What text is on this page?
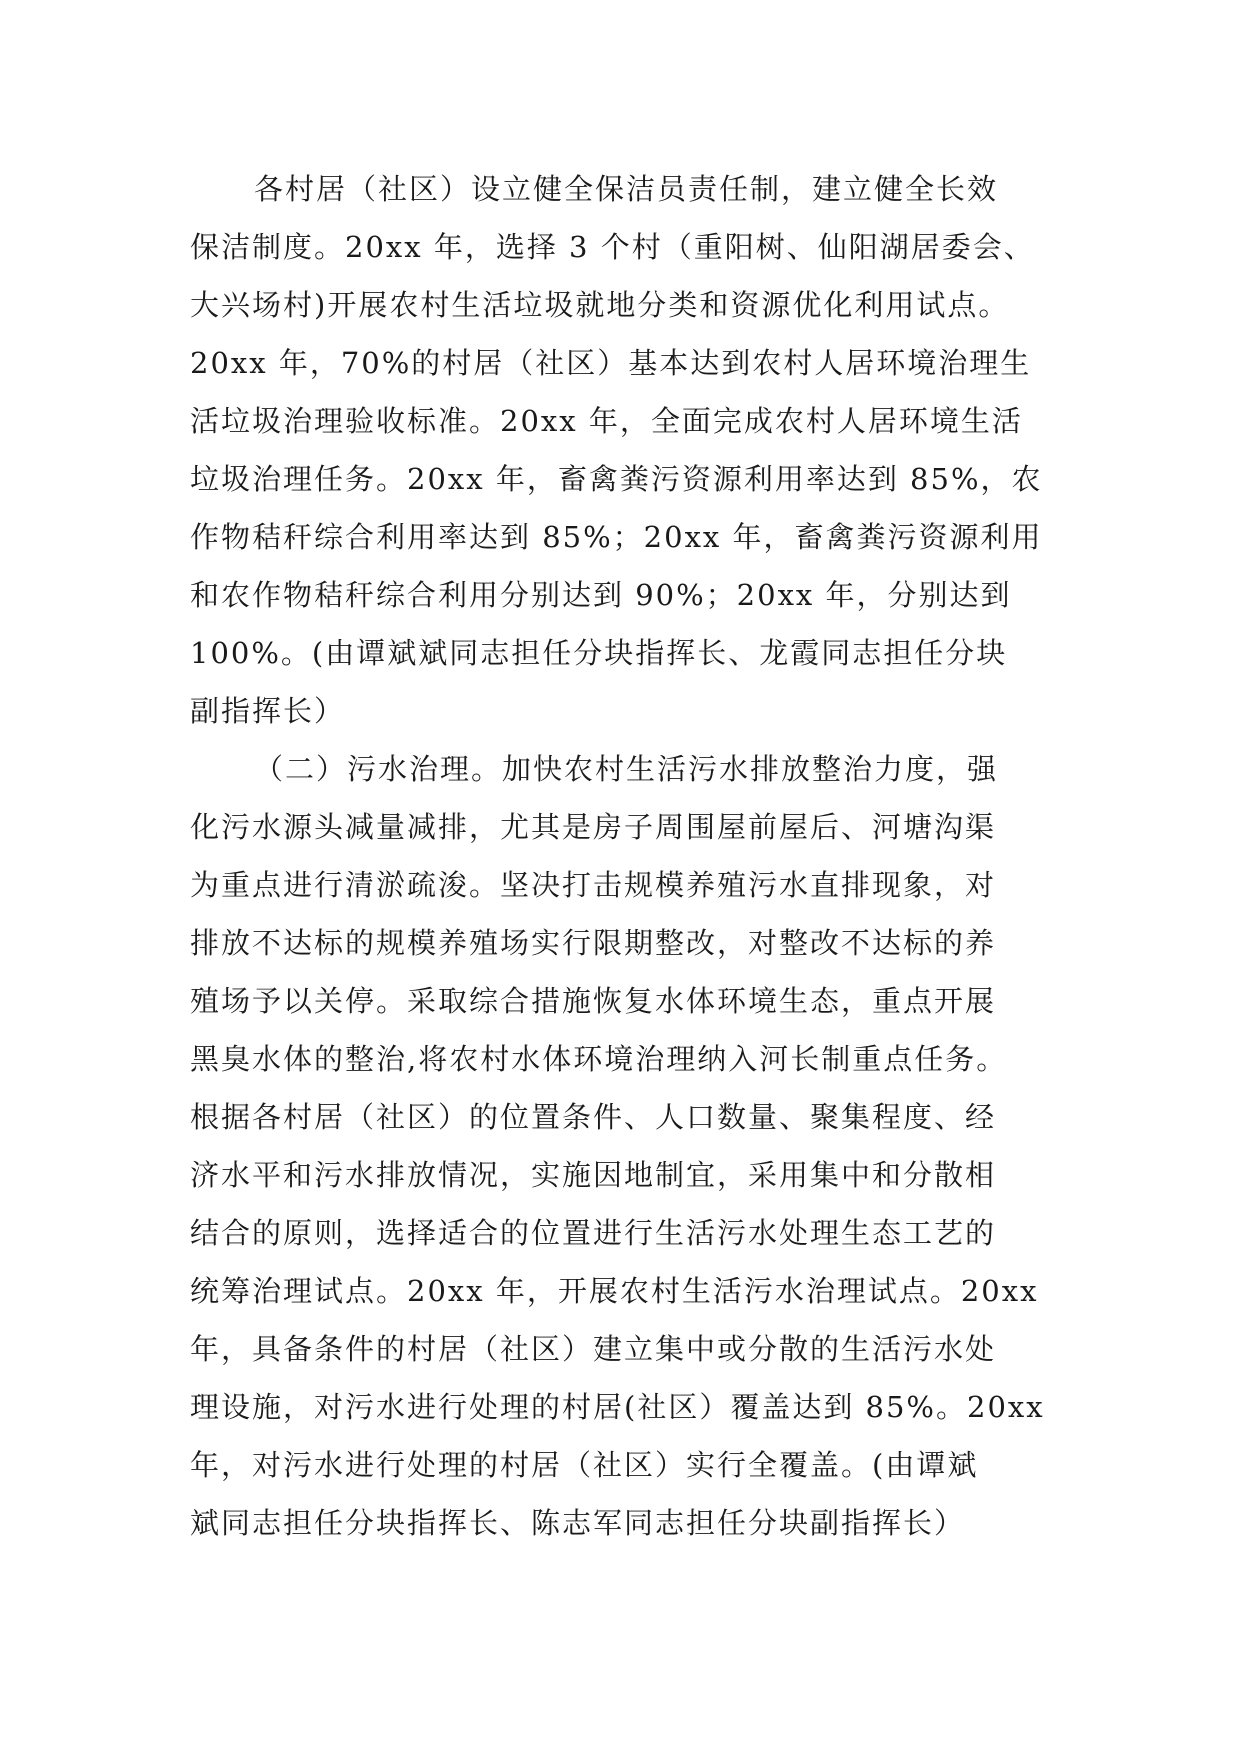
各村居（社区）设立健全保洁员责任制，建立健全长效
保洁制度。20xx 年，选择 3 个村（重阳树、仙阳湖居委会、
大兴场村)开展农村生活垃圾就地分类和资源优化利用试点。
20xx 年，70%的村居（社区）基本达到农村人居环境治理生
活垃圾治理验收标准。20xx 年，全面完成农村人居环境生活
垃圾治理任务。20xx 年，畜禽粪污资源利用率达到 85%，农
作物秸秆综合利用率达到 85%；20xx 年，畜禽粪污资源利用
和农作物秸秆综合利用分别达到 90%；20xx 年，分别达到
100%。(由谭斌斌同志担任分块指挥长、龙霞同志担任分块
副指挥长）
（二）污水治理。加快农村生活污水排放整治力度，强
化污水源头减量减排，尤其是房子周围屋前屋后、河塘沟渠
为重点进行清淤疏浚。坚决打击规模养殖污水直排现象，对
排放不达标的规模养殖场实行限期整改，对整改不达标的养
殖场予以关停。采取综合措施恢复水体环境生态，重点开展
黑臭水体的整治,将农村水体环境治理纳入河长制重点任务。
根据各村居（社区）的位置条件、人口数量、聚集程度、经
济水平和污水排放情况，实施因地制宜，采用集中和分散相
结合的原则，选择适合的位置进行生活污水处理生态工艺的
统筹治理试点。20xx 年，开展农村生活污水治理试点。20xx
年，具备条件的村居（社区）建立集中或分散的生活污水处
理设施，对污水进行处理的村居(社区）覆盖达到 85%。20xx
年，对污水进行处理的村居（社区）实行全覆盖。(由谭斌
斌同志担任分块指挥长、陈志军同志担任分块副指挥长）
